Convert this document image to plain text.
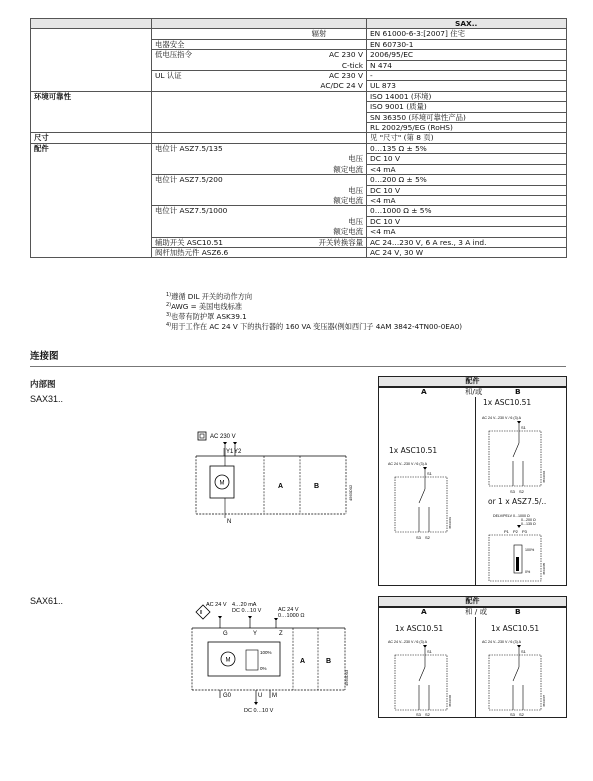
			SAX..
		辐射	EN 61000-6-3:[2007] 住宅
	电器安全		EN 60730-1
	低电压指令	AC 230 V	2006/95/EC
		C-tick	N 474
	UL 认证	AC 230 V	-
		AC/DC 24 V	UL 873
环境可靠性			ISO 14001 (环境)
			ISO 9001 (质量)
			SN 36350 (环境可靠性产品)
			RL 2002/95/EG (RoHS)
尺寸			见 "尺寸" (第 8 页)
配件	电位计 ASZ7.5/135		0…135 Ω ± 5%
		电压	DC 10 V
		额定电流	<4 mA
	电位计 ASZ7.5/200		0…200 Ω ± 5%
		电压	DC 10 V
		额定电流	<4 mA
	电位计 ASZ7.5/1000		0…1000 Ω ± 5%
		电压	DC 10 V
		额定电流	<4 mA
	辅助开关 ASC10.51	开关转换容量	AC 24…230 V, 6 A res., 3 A ind.
	阀杆加热元件 ASZ6.6		AC 24 V, 30 W
$^{1)}$遵循 DIL 开关的动作方向
$^{2)}$AWG = 美国电线标准
$^{3)}$也带有防护罩 ASK39.1
$^{4)}$用于工作在 AC 24 V 下的执行器的 160 VA 变压器(例如西门子 4AM 3842-4TN00-0EA0)
连接图
内部图
SAX31..
SAX61..
AC 230 V
Y1 Y2
M	A	B
N
4563D02
II
AC 24 V 4…20 mA
DC 0…10 V	AC 24 V
0…1000 Ω
G	Y	Z
M
100%
0%
A	B
G0	U M
DC 0…10 V
4563D03
配件
A	和/或	B
1x ASC10.51
1x ASC10.51
or 1 x ASZ7.5/..
AC 24 V...230 V / 6 (3) A
S1
S3 S2
4563D01
AC 24 V...230 V / 6 (3) A
S1
S3 S2
4563D04
DELV/PELV 0...1000 Ω
0...200 Ω
0...135 Ω
P1 P2 P3
100%
0%	4563D05
配件
A	和 / 或	B
1x ASC10.51	1x ASC10.51
AC 24 V...230 V / 6 (3) A
S1
S3 S2
4563D06
AC 24 V...230 V / 6 (3) A
S1
S3 S2
4563D07
